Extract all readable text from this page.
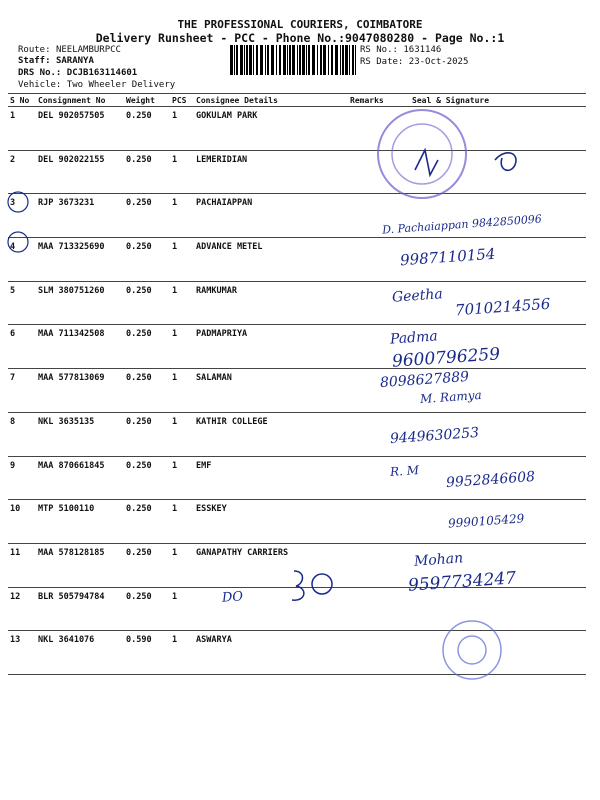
THE PROFESSIONAL COURIERS, COIMBATORE
Delivery Runsheet - PCC - Phone No.:9047080280 - Page No.:1
Route: NEELAMBURPCC
Staff: SARANYA
DRS No.: DCJB163114601
Vehicle: Two Wheeler Delivery
RS No.: 1631146
RS Date: 23-Oct-2025
S No	Consignment No	Weight	PCS	Consignee Details	Remarks	Seal & Signature
1	DEL 902057505	0.250	1	GOKULAM PARK		
2	DEL 902022155	0.250	1	LEMERIDIAN		
3	RJP 3673231	0.250	1	PACHAIAPPAN		
4	MAA 713325690	0.250	1	ADVANCE METEL		
5	SLM 380751260	0.250	1	RAMKUMAR		
6	MAA 711342508	0.250	1	PADMAPRIYA		
7	MAA 577813069	0.250	1	SALAMAN		
8	NKL 3635135	0.250	1	KATHIR COLLEGE		
9	MAA 870661845	0.250	1	EMF		
10	MTP 5100110	0.250	1	ESSKEY		
11	MAA 578128185	0.250	1	GANAPATHY CARRIERS		
12	BLR 505794784	0.250	1			
13	NKL 3641076	0.590	1	ASWARYA		
D. Pachaiappan 9842850096
9987110154
Geetha 7010214556
Padma
9600796259
8098627889
M. Ramya
9449630253
R. M 9952846608
9990105429
Mohan
9597734247
DO
